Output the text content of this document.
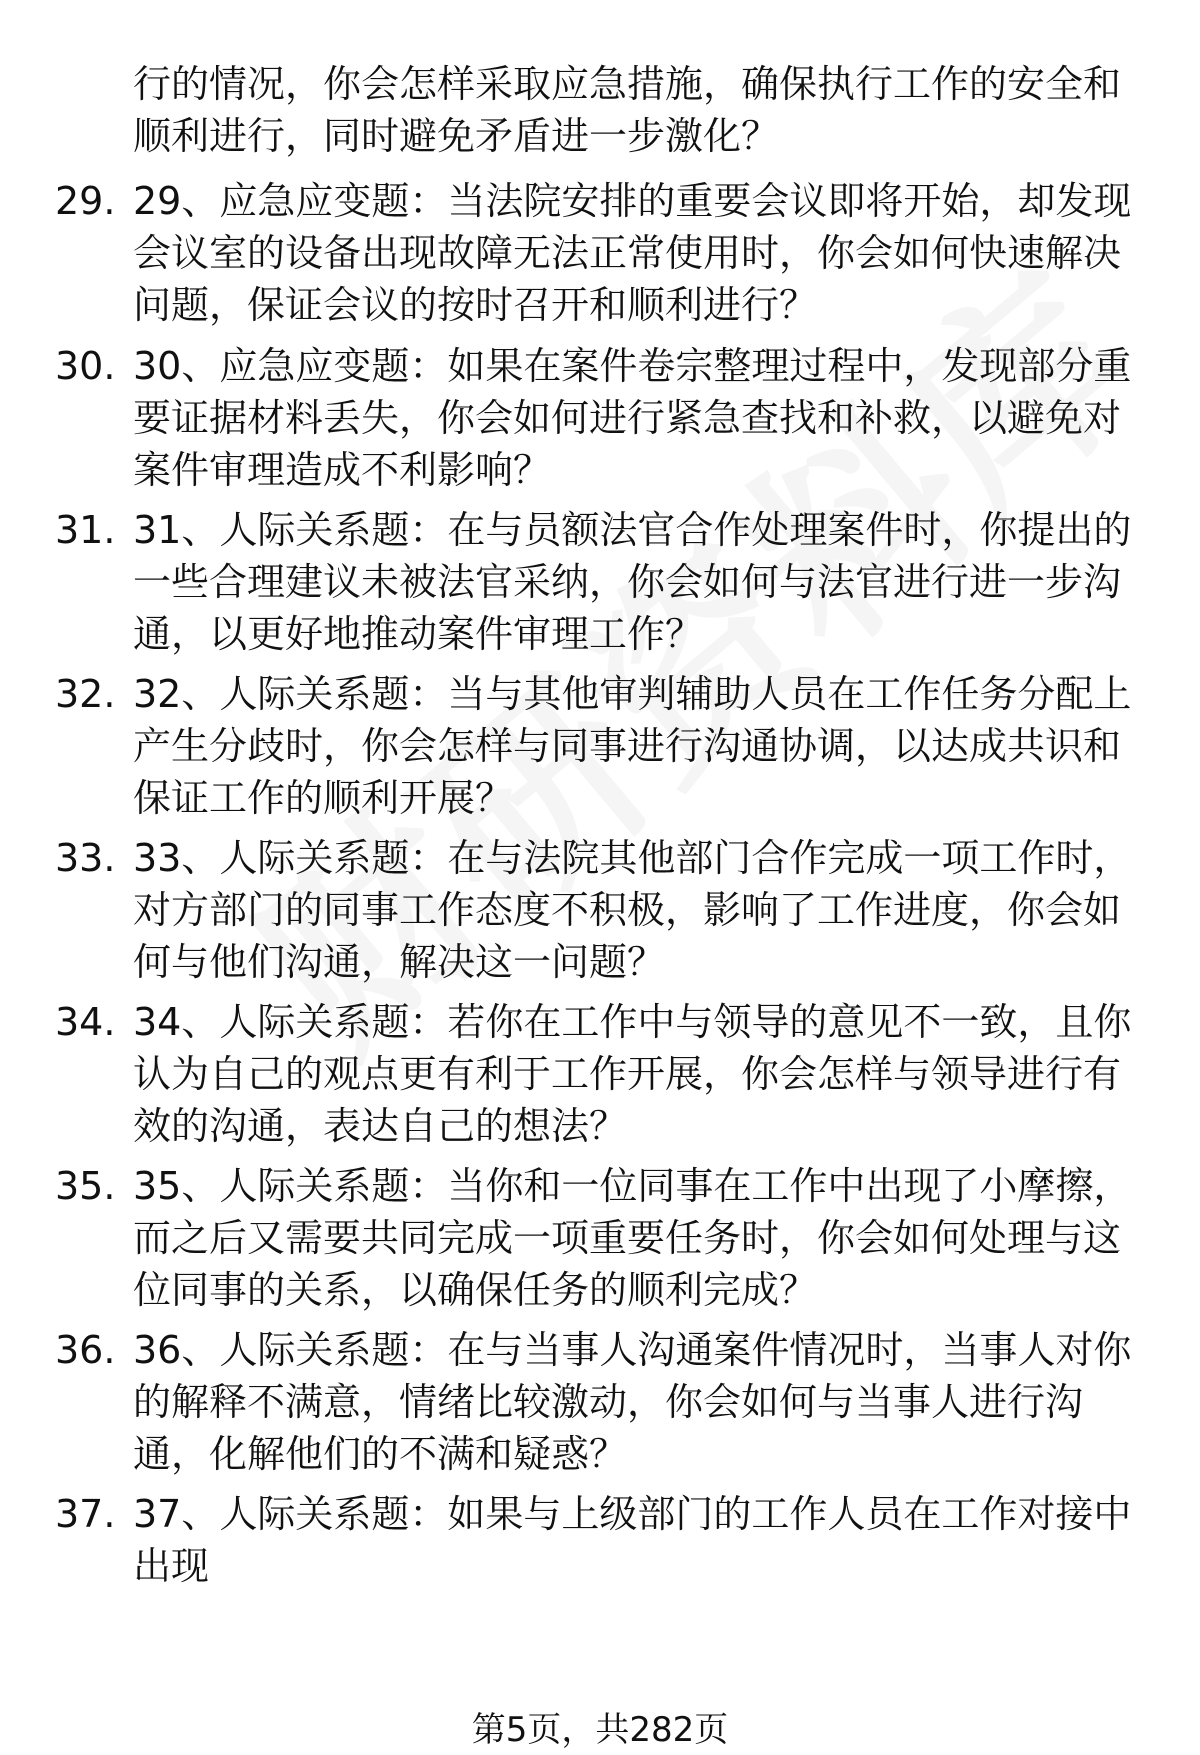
行的情况，你会怎样采取应急措施，确保执行工作的安全和顺利进行，同时避免矛盾进一步激化？
29. 29、应急应变题：当法院安排的重要会议即将开始，却发现会议室的设备出现故障无法正常使用时，你会如何快速解决问题，保证会议的按时召开和顺利进行？
30. 30、应急应变题：如果在案件卷宗整理过程中，发现部分重要证据材料丢失，你会如何进行紧急查找和补救，以避免对案件审理造成不利影响？
31. 31、人际关系题：在与员额法官合作处理案件时，你提出的一些合理建议未被法官采纳，你会如何与法官进行进一步沟通，以更好地推动案件审理工作？
32. 32、人际关系题：当与其他审判辅助人员在工作任务分配上产生分歧时，你会怎样与同事进行沟通协调，以达成共识和保证工作的顺利开展？
33. 33、人际关系题：在与法院其他部门合作完成一项工作时，对方部门的同事工作态度不积极，影响了工作进度，你会如何与他们沟通，解决这一问题？
34. 34、人际关系题：若你在工作中与领导的意见不一致，且你认为自己的观点更有利于工作开展，你会怎样与领导进行有效的沟通，表达自己的想法？
35. 35、人际关系题：当你和一位同事在工作中出现了小摩擦，而之后又需要共同完成一项重要任务时，你会如何处理与这位同事的关系，以确保任务的顺利完成？
36. 36、人际关系题：在与当事人沟通案件情况时，当事人对你的解释不满意，情绪比较激动，你会如何与当事人进行沟通，化解他们的不满和疑惑？
37. 37、人际关系题：如果与上级部门的工作人员在工作对接中出现
第5页，共282页
